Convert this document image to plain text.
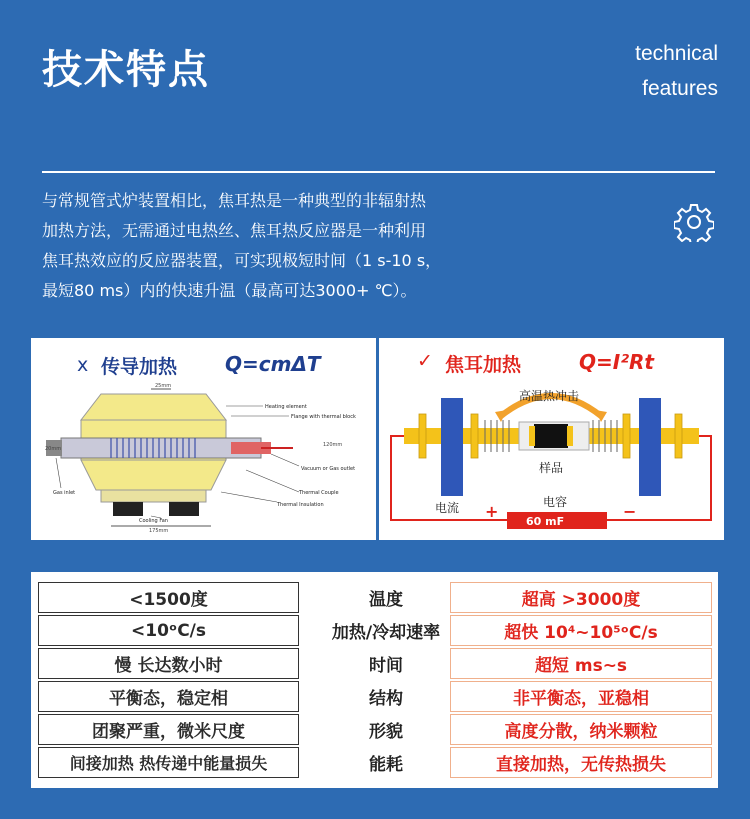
技术特点	technical
features
与常规管式炉装置相比，焦耳热是一种典型的非辐射热
加热方法，无需通过电热丝、焦耳热反应器是一种利用
焦耳热效应的反应器装置，可实现极短时间（1 s-10 s，
最短80 ms）内的快速升温（最高可达3000+ ℃）。
x 传导加热 Q=cmΔT
25mm
20mm
120mm
175mm
Heating element
Flange with thermal block
Vacuum or Gas outlet
Gas inlet	Thermal Couple
Thermal Insulation
Cooling Fan
✓ 焦耳加热	Q=I²Rt
高温热冲击
样品
60 mF
电容
电流 +	−
<1500度	温度	超高 >3000度
<10ᵒC/s	加热/冷却速率	超快 10⁴~10⁵ᵒC/s
慢 长达数小时	时间	超短 ms~s
平衡态，稳定相	结构	非平衡态，亚稳相
团聚严重，微米尺度	形貌	高度分散，纳米颗粒
间接加热 热传递中能量损失	能耗	直接加热，无传热损失
